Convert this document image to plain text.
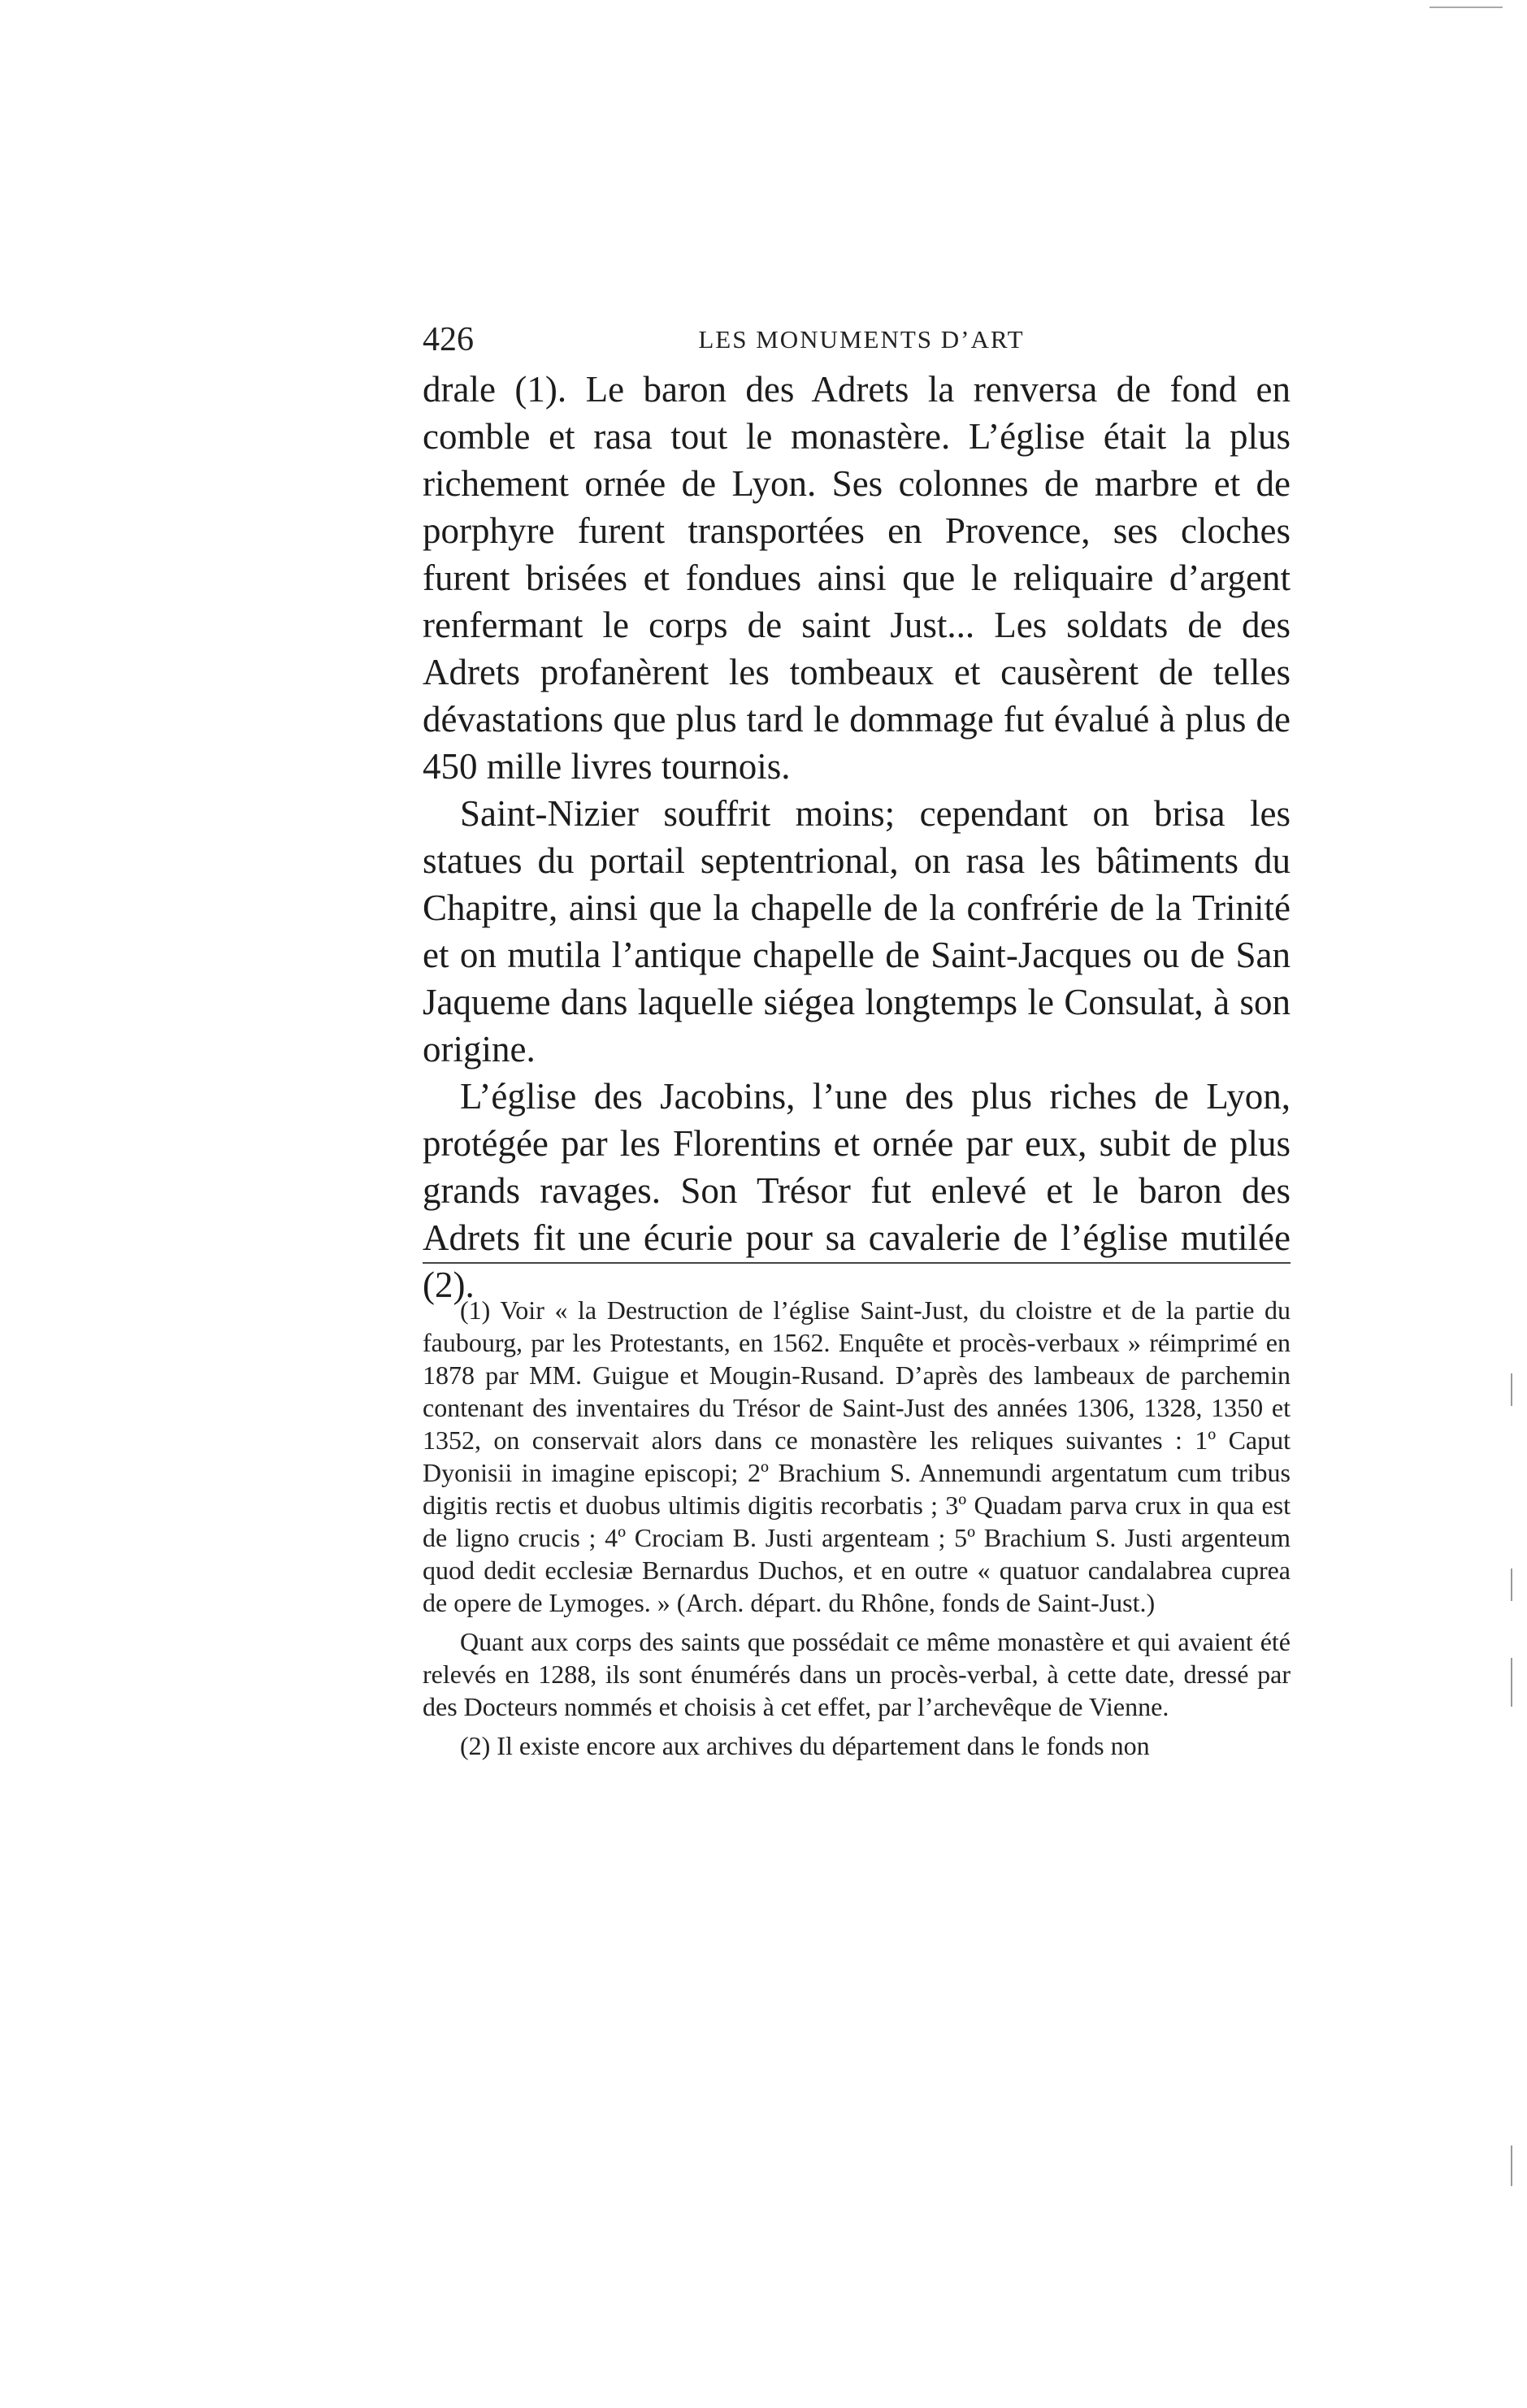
426	LES MONUMENTS D’ART

drale (1). Le baron des Adrets la renversa de fond en comble et rasa tout le monastère. L’église était la plus richement ornée de Lyon. Ses colonnes de marbre et de porphyre furent transportées en Provence, ses cloches furent brisées et fondues ainsi que le reliquaire d’argent renfermant le corps de saint Just... Les soldats de des Adrets profanèrent les tombeaux et causèrent de telles dévastations que plus tard le dommage fut évalué à plus de 450 mille livres tournois.

Saint-Nizier souffrit moins; cependant on brisa les statues du portail septentrional, on rasa les bâtiments du Chapitre, ainsi que la chapelle de la confrérie de la Trinité et on mutila l’antique chapelle de Saint-Jacques ou de San Jaqueme dans laquelle siégea longtemps le Consulat, à son origine.

L’église des Jacobins, l’une des plus riches de Lyon, protégée par les Florentins et ornée par eux, subit de plus grands ravages. Son Trésor fut enlevé et le baron des Adrets fit une écurie pour sa cavalerie de l’église mutilée (2).

(1) Voir « la Destruction de l’église Saint-Just, du cloistre et de la partie du faubourg, par les Protestants, en 1562. Enquête et procès-verbaux » réimprimé en 1878 par MM. Guigue et Mougin-Rusand. D’après des lambeaux de parchemin contenant des inventaires du Trésor de Saint-Just des années 1306, 1328, 1350 et 1352, on conservait alors dans ce monastère les reliques suivantes : 1º Caput Dyonisii in imagine episcopi; 2º Brachium S. Annemundi argentatum cum tribus digitis rectis et duobus ultimis digitis recorbatis ; 3º Quadam parva crux in qua est de ligno crucis ; 4º Crociam B. Justi argenteam ; 5º Brachium S. Justi argenteum quod dedit ecclesiæ Bernardus Duchos, et en outre « quatuor candalabrea cuprea de opere de Lymoges. » (Arch. départ. du Rhône, fonds de Saint-Just.)

Quant aux corps des saints que possédait ce même monastère et qui avaient été relevés en 1288, ils sont énumérés dans un procès-verbal, à cette date, dressé par des Docteurs nommés et choisis à cet effet, par l’archevêque de Vienne.

(2) Il existe encore aux archives du département dans le fonds non
